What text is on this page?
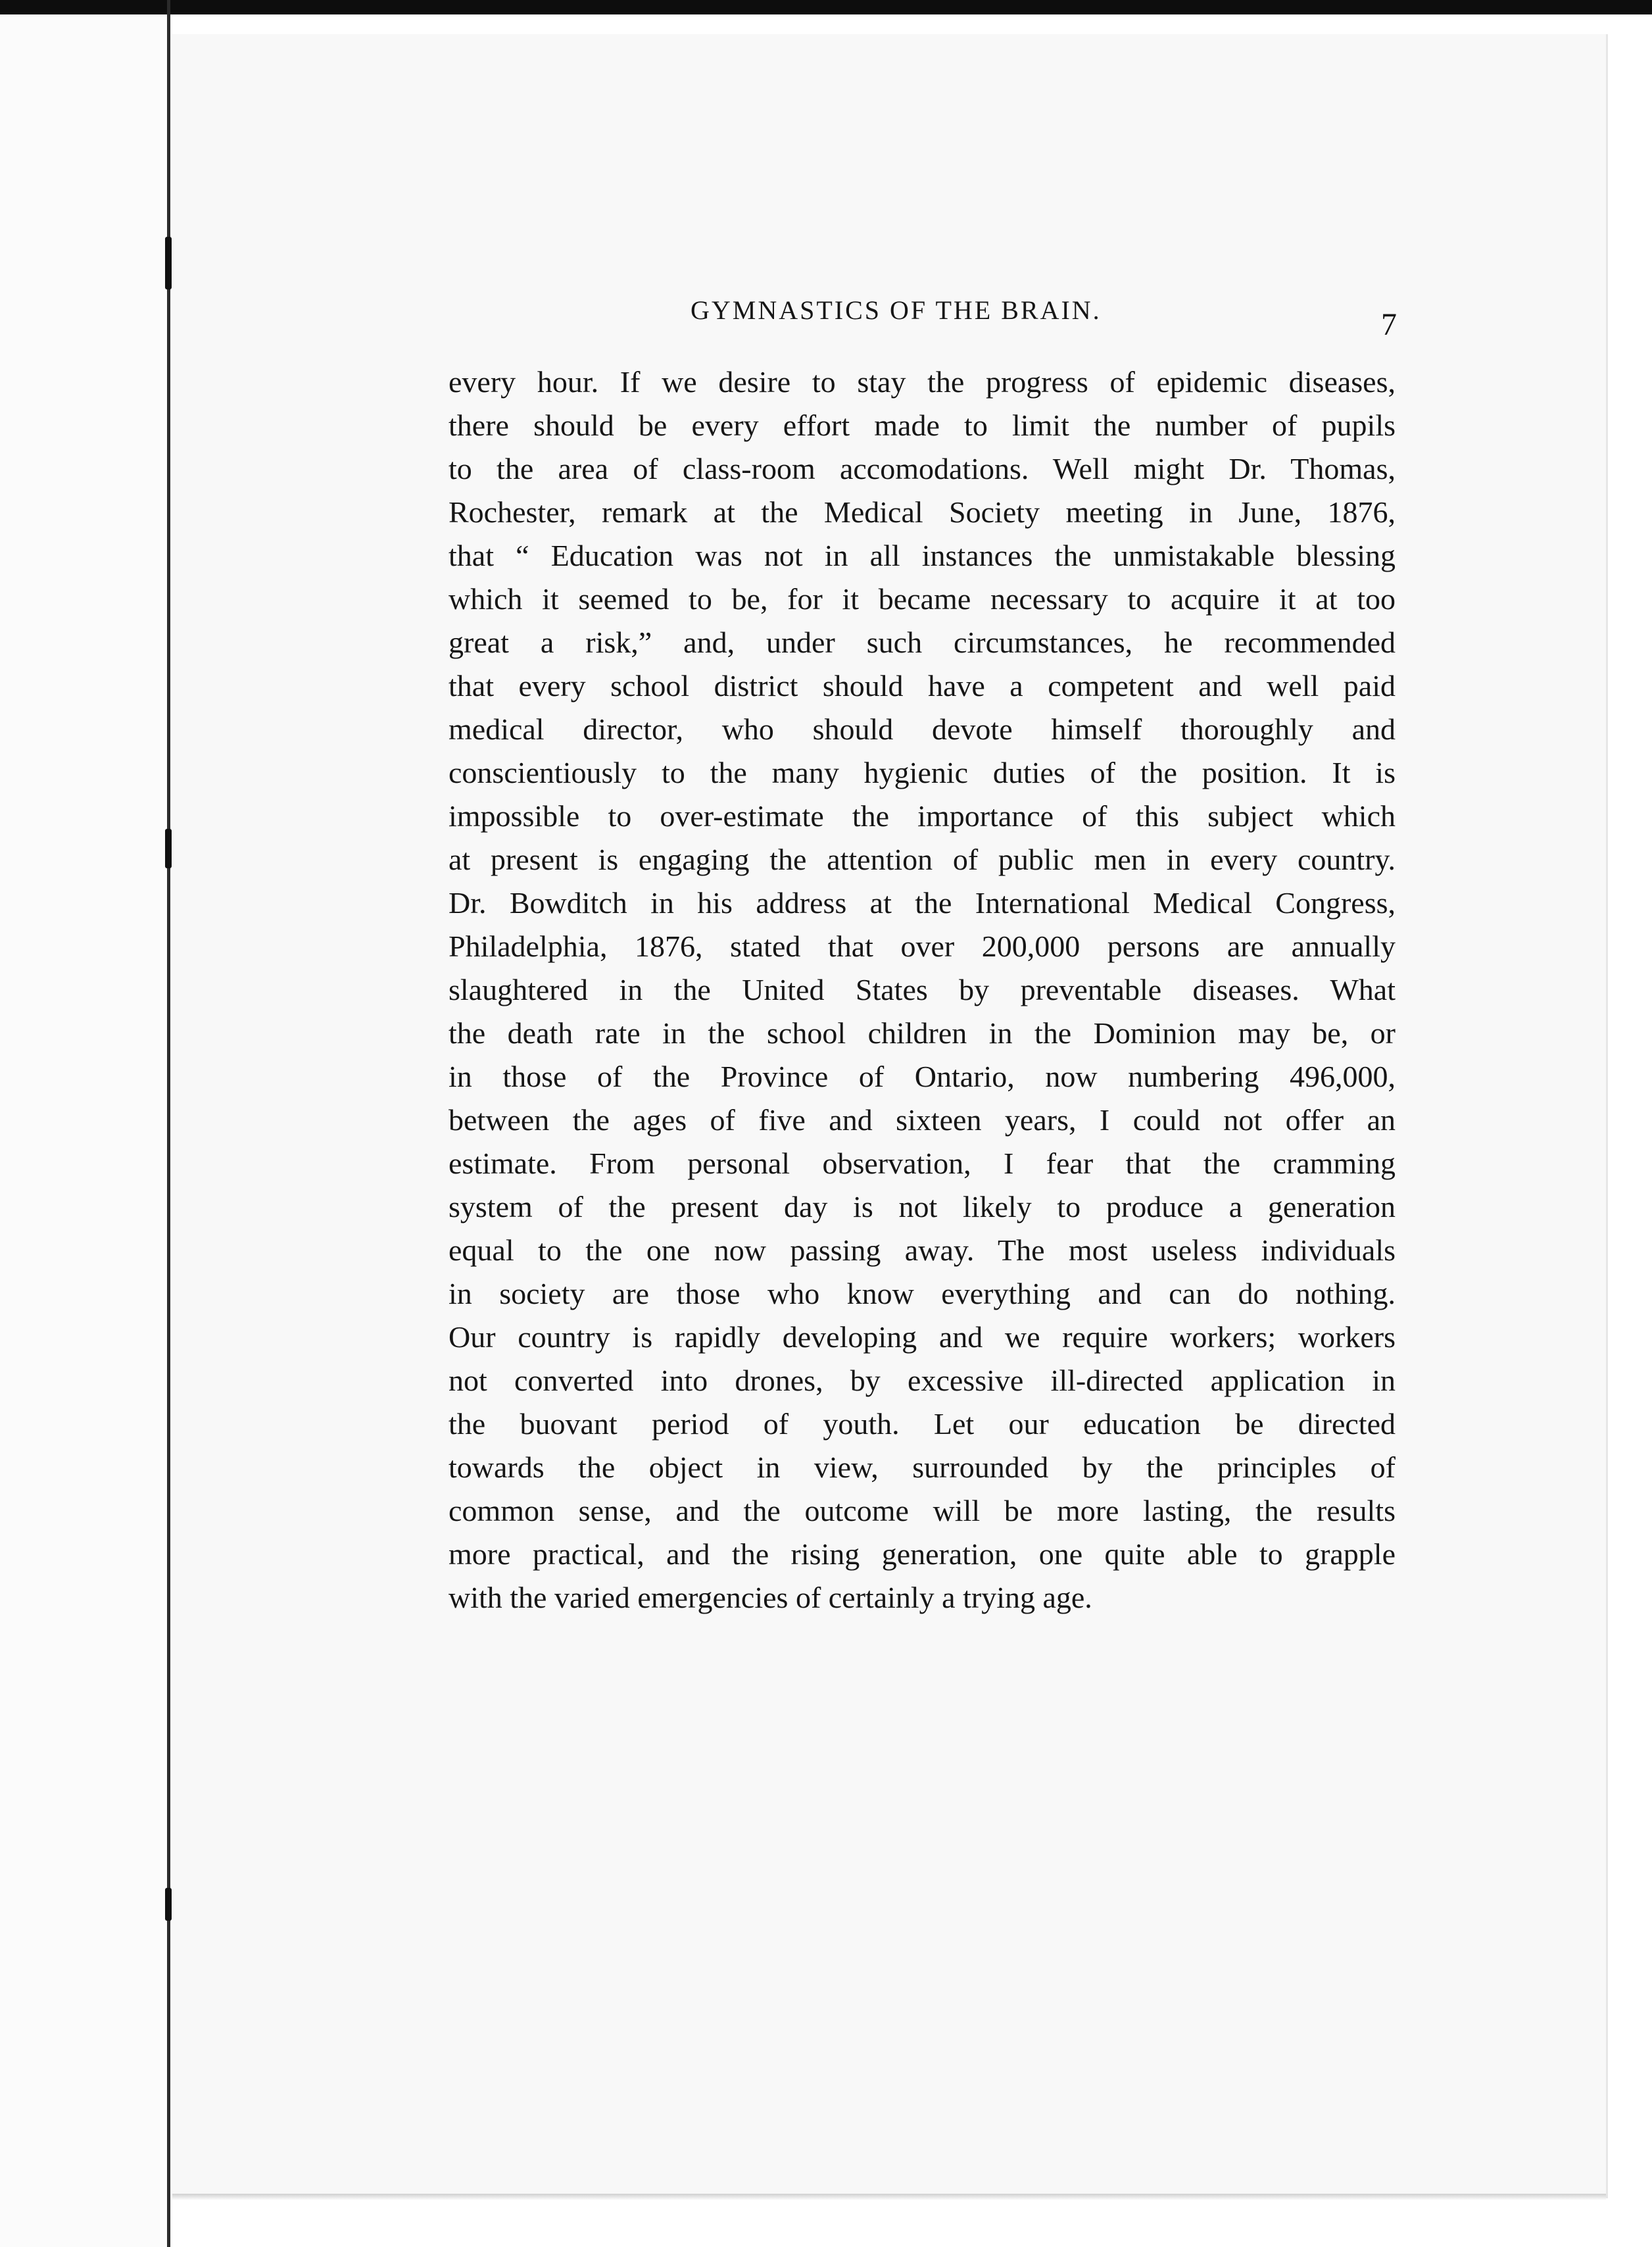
GYMNASTICS OF THE BRAIN.	7
every hour. If we desire to stay the progress of epidemic diseases,
there should be every effort made to limit the number of pupils
to the area of class-room accomodations. Well might Dr. Thomas,
Rochester, remark at the Medical Society meeting in June, 1876,
that “ Education was not in all instances the unmistakable blessing
which it seemed to be, for it became necessary to acquire it at too
great a risk,” and, under such circumstances, he recommended
that every school district should have a competent and well paid
medical director, who should devote himself thoroughly and
conscientiously to the many hygienic duties of the position. It is
impossible to over-estimate the importance of this subject which
at present is engaging the attention of public men in every country.
Dr. Bowditch in his address at the International Medical Congress,
Philadelphia, 1876, stated that over 200,000 persons are annually
slaughtered in the United States by preventable diseases. What
the death rate in the school children in the Dominion may be, or
in those of the Province of Ontario, now numbering 496,000,
between the ages of five and sixteen years, I could not offer an
estimate. From personal observation, I fear that the cramming
system of the present day is not likely to produce a generation
equal to the one now passing away. The most useless individuals
in society are those who know everything and can do nothing.
Our country is rapidly developing and we require workers; workers
not converted into drones, by excessive ill-directed application in
the buovant period of youth. Let our education be directed
towards the object in view, surrounded by the principles of
common sense, and the outcome will be more lasting, the results
more practical, and the rising generation, one quite able to grapple
with the varied emergencies of certainly a trying age.
